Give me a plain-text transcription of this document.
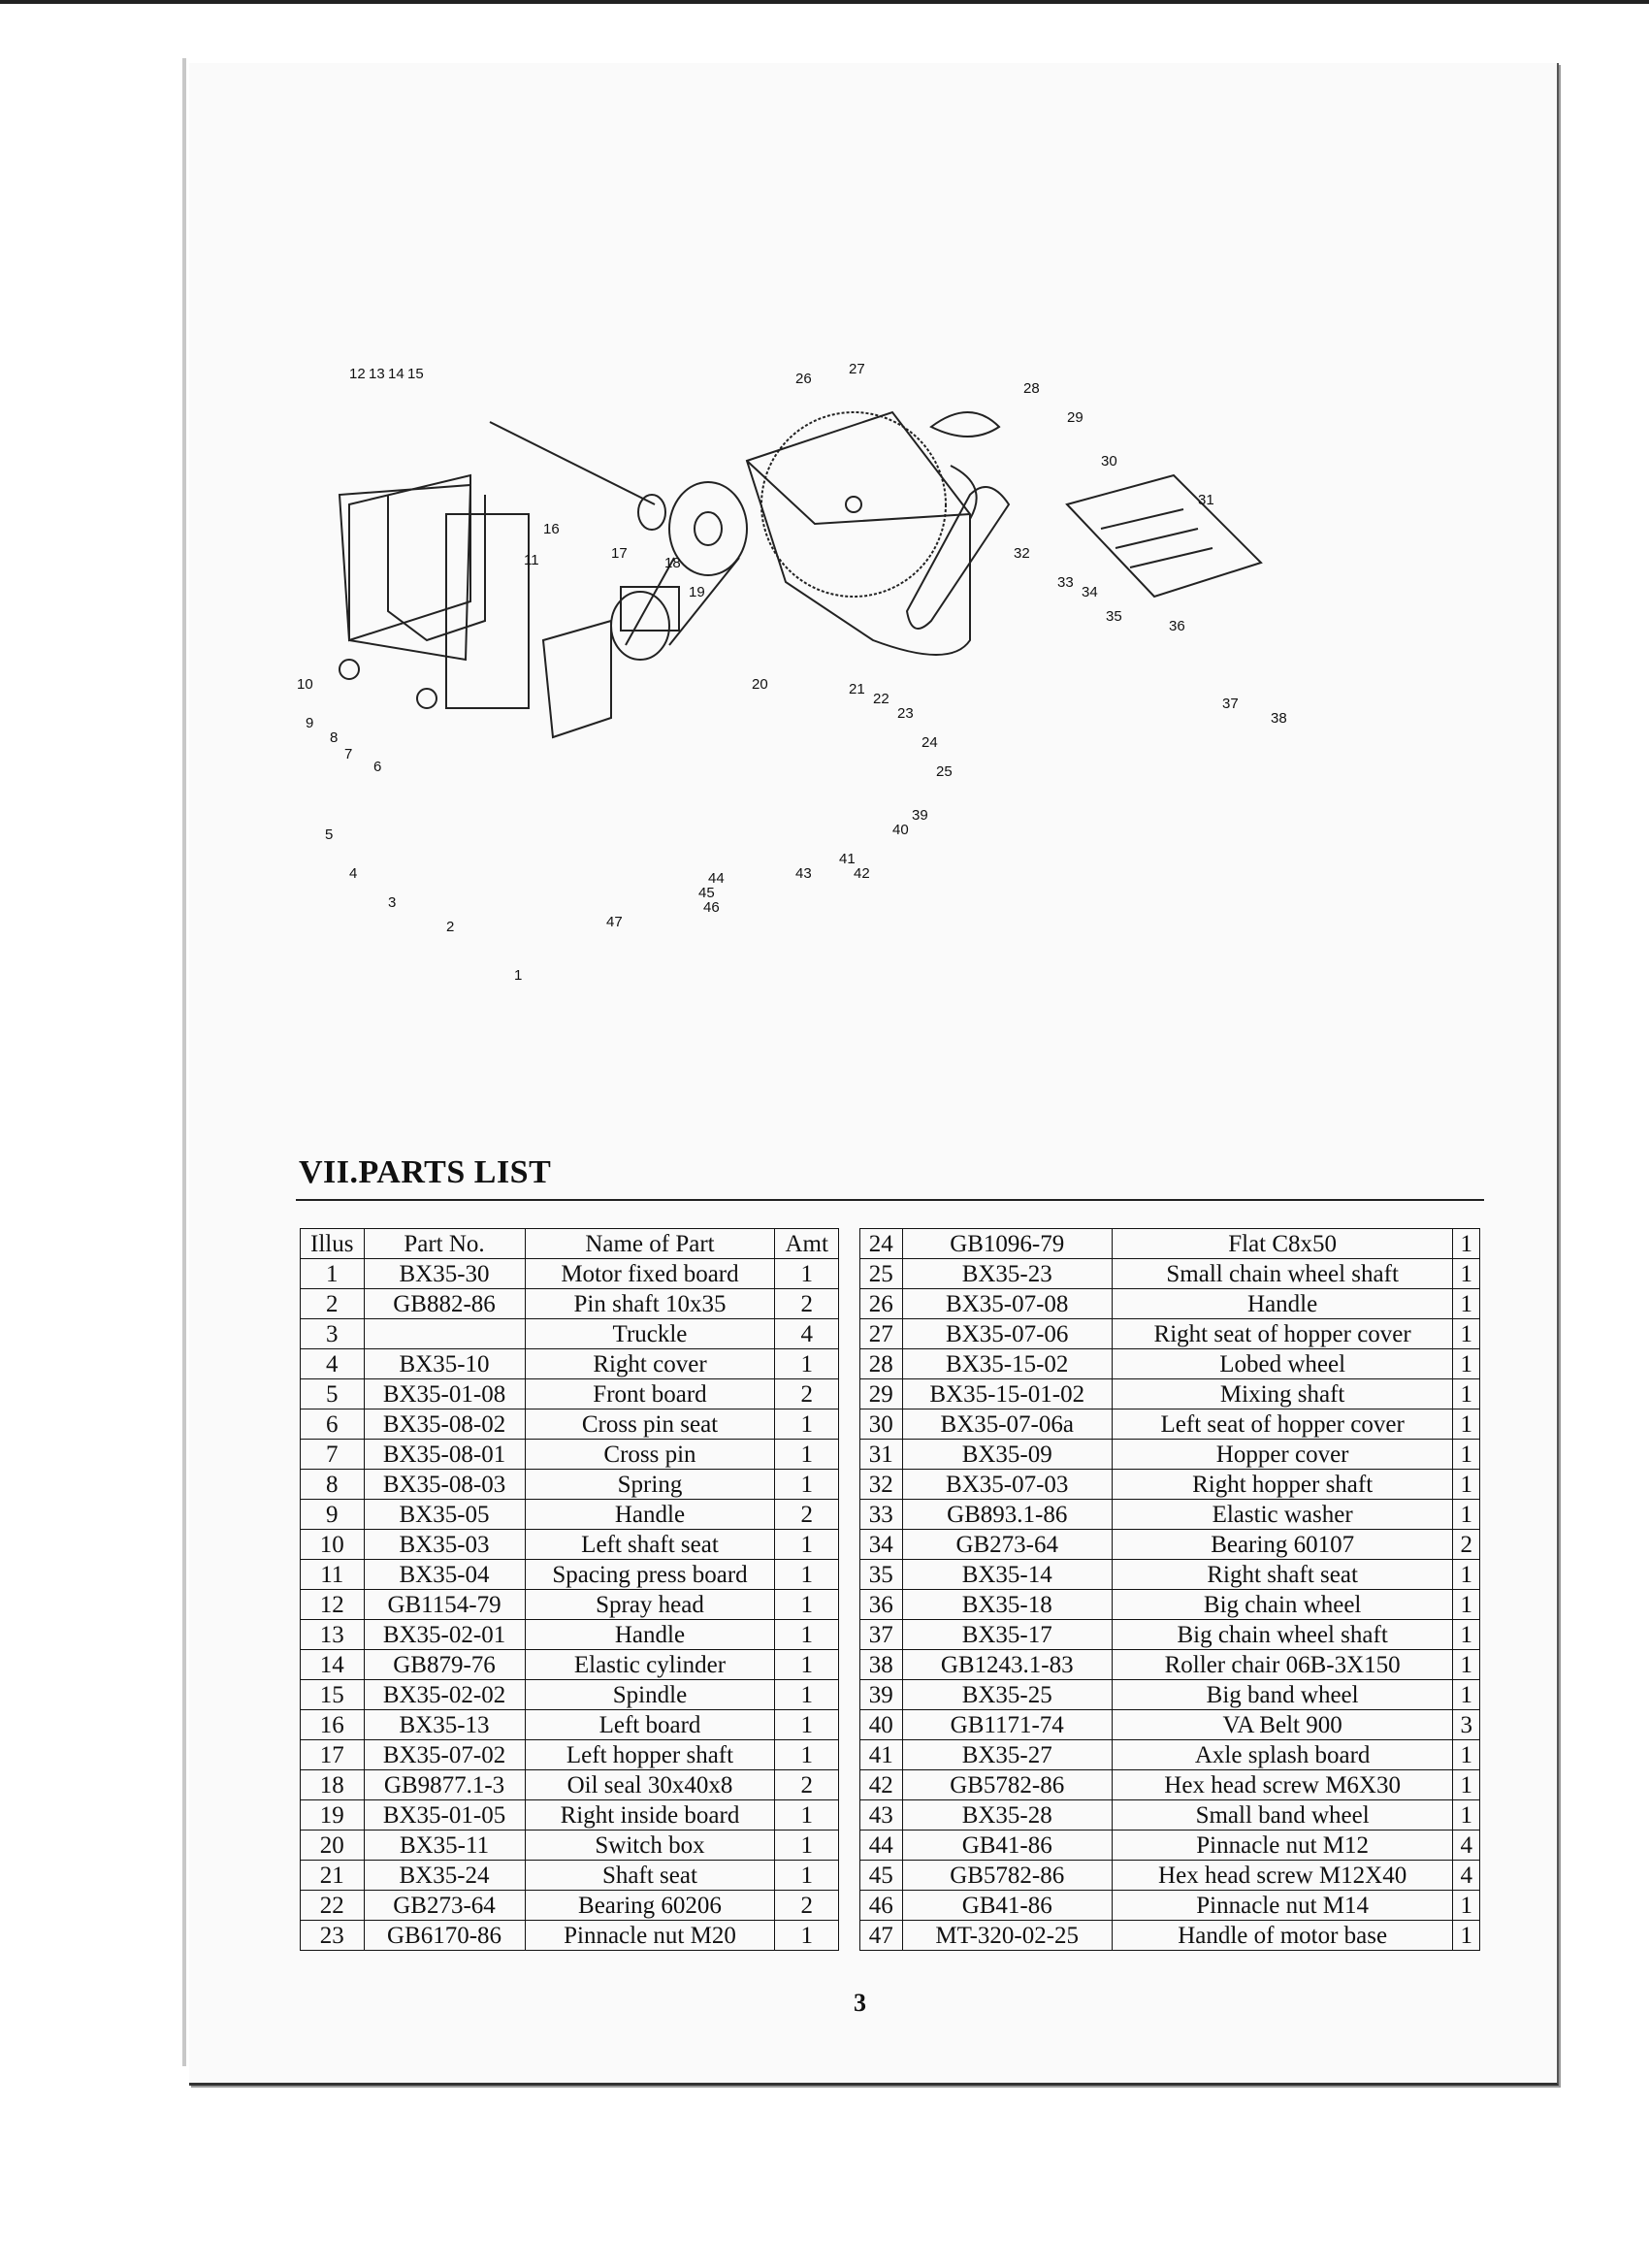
1
2
3
4
5
6
7
8
9
10
11
12 13 14 15
16
17
18
19
20	21
22
23
24
25
26
27
28
29
30
31
32
33
34
35
36
37
38
39
40
41
42
43
44
45
46
47
VII.PARTS LIST
Illus	Part No.	Name of Part	Amt
1	BX35-30	Motor fixed board	1
2	GB882-86	Pin shaft 10x35	2
3		Truckle	4
4	BX35-10	Right cover	1
5	BX35-01-08	Front board	2
6	BX35-08-02	Cross pin seat	1
7	BX35-08-01	Cross pin	1
8	BX35-08-03	Spring	1
9	BX35-05	Handle	2
10	BX35-03	Left shaft seat	1
11	BX35-04	Spacing press board	1
12	GB1154-79	Spray head	1
13	BX35-02-01	Handle	1
14	GB879-76	Elastic cylinder	1
15	BX35-02-02	Spindle	1
16	BX35-13	Left board	1
17	BX35-07-02	Left hopper shaft	1
18	GB9877.1-3	Oil seal 30x40x8	2
19	BX35-01-05	Right inside board	1
20	BX35-11	Switch box	1
21	BX35-24	Shaft seat	1
22	GB273-64	Bearing 60206	2
23	GB6170-86	Pinnacle nut M20	1
24	GB1096-79	Flat C8x50	1
25	BX35-23	Small chain wheel shaft	1
26	BX35-07-08	Handle	1
27	BX35-07-06	Right seat of hopper cover	1
28	BX35-15-02	Lobed wheel	1
29	BX35-15-01-02	Mixing shaft	1
30	BX35-07-06a	Left seat of hopper cover	1
31	BX35-09	Hopper cover	1
32	BX35-07-03	Right hopper shaft	1
33	GB893.1-86	Elastic washer	1
34	GB273-64	Bearing 60107	2
35	BX35-14	Right shaft seat	1
36	BX35-18	Big chain wheel	1
37	BX35-17	Big chain wheel shaft	1
38	GB1243.1-83	Roller chair 06B-3X150	1
39	BX35-25	Big band wheel	1
40	GB1171-74	VA Belt 900	3
41	BX35-27	Axle splash board	1
42	GB5782-86	Hex head screw M6X30	1
43	BX35-28	Small band wheel	1
44	GB41-86	Pinnacle nut M12	4
45	GB5782-86	Hex head screw M12X40	4
46	GB41-86	Pinnacle nut M14	1
47	MT-320-02-25	Handle of motor base	1
3
